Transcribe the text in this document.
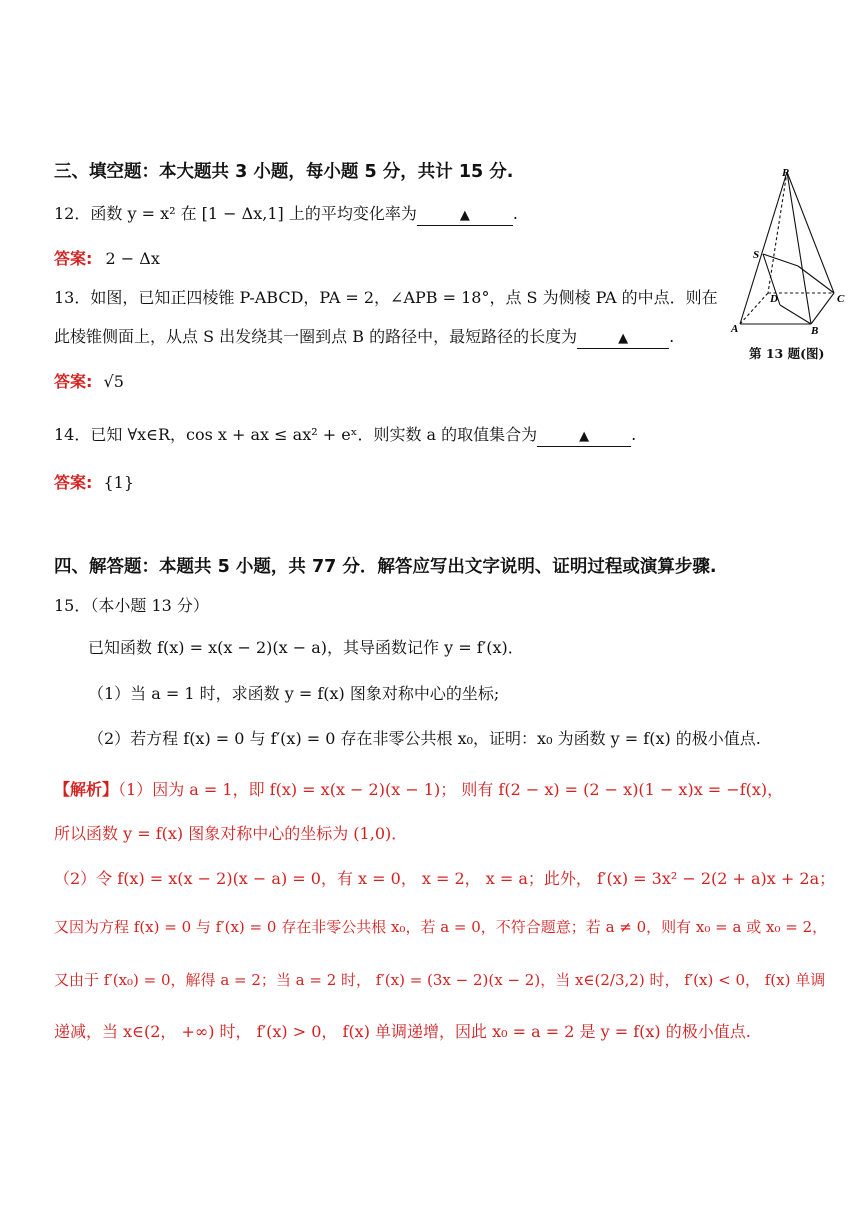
三、填空题：本大题共 3 小题，每小题 5 分，共计 15 分.
12．函数 y = x² 在 [1 − Δx,1] 上的平均变化率为	▲	.
答案: 2 − Δx
13．如图，已知正四棱锥 P-ABCD，PA = 2，∠APB = 18°，点 S 为侧棱 PA 的中点．则在
此棱锥侧面上，从点 S 出发绕其一圈到点 B 的路径中，最短路径的长度为	▲	.
答案: √5
P
S
D	C
A	B
第 13 题(图)
14．已知 ∀x∈R，cos x + ax ≤ ax² + eˣ．则实数 a 的取值集合为	▲	.
答案: {1}
四、解答题：本题共 5 小题，共 77 分．解答应写出文字说明、证明过程或演算步骤.
15．（本小题 13 分）
已知函数 f(x) = x(x − 2)(x − a)，其导函数记作 y = f′(x)．
（1）当 a = 1 时，求函数 y = f(x) 图象对称中心的坐标;
（2）若方程 f(x) = 0 与 f′(x) = 0 存在非零公共根 x₀，证明：x₀ 为函数 y = f(x) 的极小值点.
【解析】（1）因为 a = 1，即 f(x) = x(x − 2)(x − 1)； 则有 f(2 − x) = (2 − x)(1 − x)x = −f(x)，
所以函数 y = f(x) 图象对称中心的坐标为 (1,0)．
（2）令 f(x) = x(x − 2)(x − a) = 0，有 x = 0， x = 2， x = a；此外， f′(x) = 3x² − 2(2 + a)x + 2a；
又因为方程 f(x) = 0 与 f′(x) = 0 存在非零公共根 x₀，若 a = 0，不符合题意；若 a ≠ 0，则有 x₀ = a 或 x₀ = 2，
又由于 f′(x₀) = 0，解得 a = 2；当 a = 2 时， f′(x) = (3x − 2)(x − 2)，当 x∈(2/3,2) 时， f′(x) < 0， f(x) 单调
递减，当 x∈(2， +∞) 时， f′(x) > 0， f(x) 单调递增，因此 x₀ = a = 2 是 y = f(x) 的极小值点.
